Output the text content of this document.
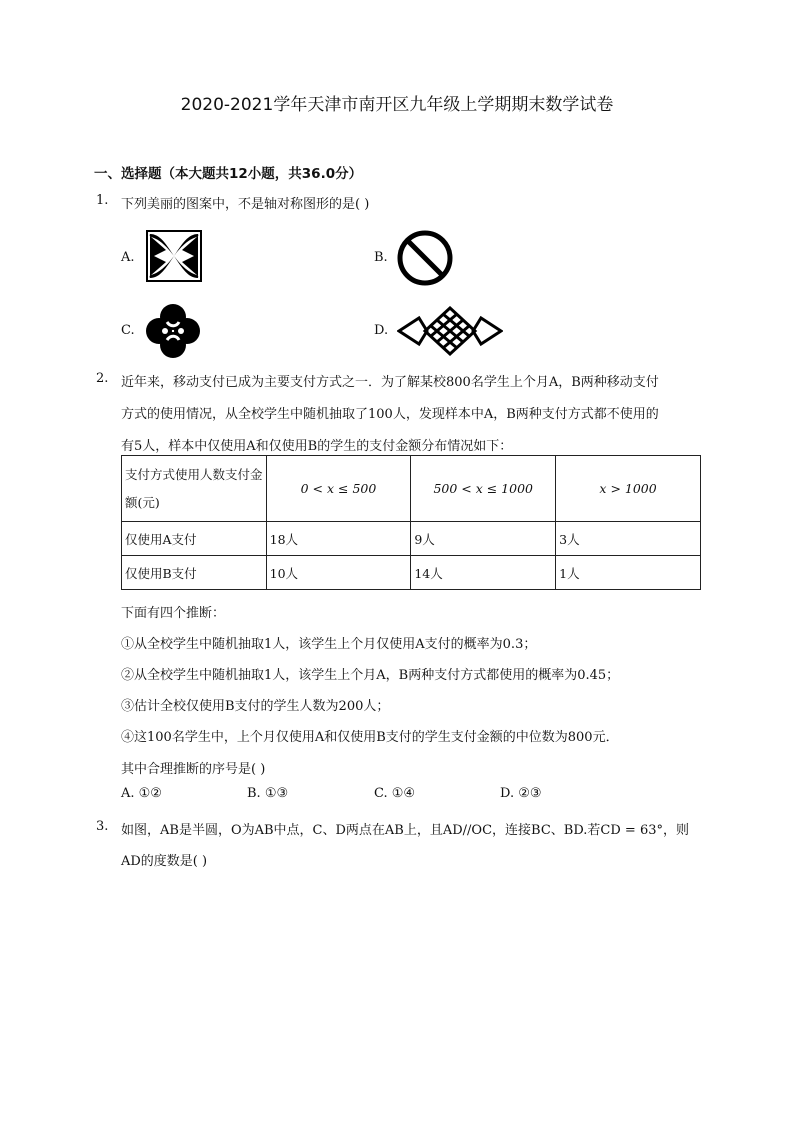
2020-2021学年天津市南开区九年级上学期期末数学试卷
一、选择题（本大题共12小题，共36.0分）
1. 下列美丽的图案中，不是轴对称图形的是( )
A.	B.
C.	D.
2. 近年来，移动支付已成为主要支付方式之一．为了解某校800名学生上个月A，B两种移动支付
方式的使用情况，从全校学生中随机抽取了100人，发现样本中A，B两种支付方式都不使用的
有5人，样本中仅使用A和仅使用B的学生的支付金额分布情况如下：
支付方式使用人数支付金额(元)	0 < x ≤ 500	500 < x ≤ 1000	x > 1000
仅使用A支付	18人	9人	3人
仅使用B支付	10人	14人	1人
下面有四个推断：
①从全校学生中随机抽取1人，该学生上个月仅使用A支付的概率为0.3；
②从全校学生中随机抽取1人，该学生上个月A，B两种支付方式都使用的概率为0.45；
③估计全校仅使用B支付的学生人数为200人；
④这100名学生中，上个月仅使用A和仅使用B支付的学生支付金额的中位数为800元．
其中合理推断的序号是( )
A. ①②	B. ①③	C. ①④	D. ②③
3. 如图，AB是半圆，O为AB中点，C、D两点在AB上，且AD//OC，连接BC、BD.若CD = 63°，则
AD的度数是( )
